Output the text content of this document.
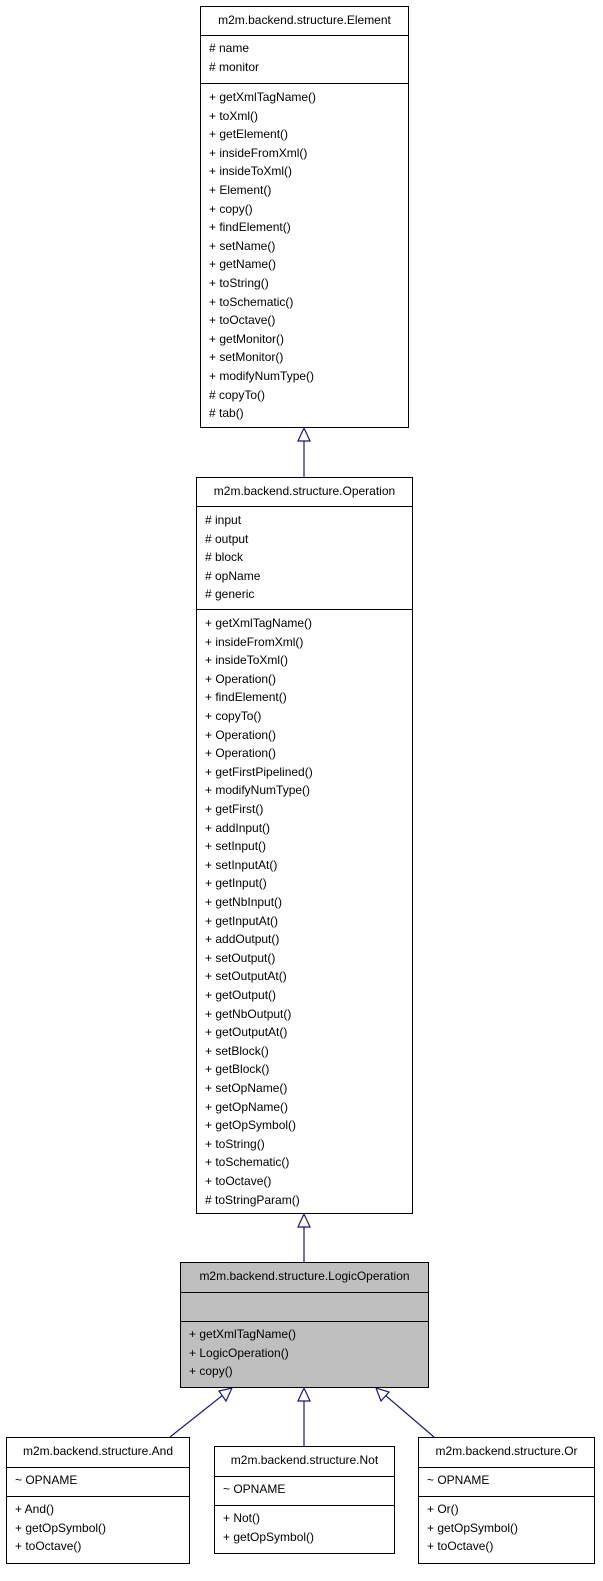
m2m.backend.structure.Element
# name
# monitor
+ getXmlTagName()
+ toXml()
+ getElement()
+ insideFromXml()
+ insideToXml()
+ Element()
+ copy()
+ findElement()
+ setName()
+ getName()
+ toString()
+ toSchematic()
+ toOctave()
+ getMonitor()
+ setMonitor()
+ modifyNumType()
# copyTo()
# tab()
m2m.backend.structure.Operation
# input
# output
# block
# opName
# generic
+ getXmlTagName()
+ insideFromXml()
+ insideToXml()
+ Operation()
+ findElement()
+ copyTo()
+ Operation()
+ Operation()
+ getFirstPipelined()
+ modifyNumType()
+ getFirst()
+ addInput()
+ setInput()
+ setInputAt()
+ getInput()
+ getNbInput()
+ getInputAt()
+ addOutput()
+ setOutput()
+ setOutputAt()
+ getOutput()
+ getNbOutput()
+ getOutputAt()
+ setBlock()
+ getBlock()
+ setOpName()
+ getOpName()
+ getOpSymbol()
+ toString()
+ toSchematic()
+ toOctave()
# toStringParam()
m2m.backend.structure.LogicOperation
+ getXmlTagName()
+ LogicOperation()
+ copy()
m2m.backend.structure.And
~ OPNAME
+ And()
+ getOpSymbol()
+ toOctave()
m2m.backend.structure.Not
~ OPNAME
+ Not()
+ getOpSymbol()
m2m.backend.structure.Or
~ OPNAME
+ Or()
+ getOpSymbol()
+ toOctave()
